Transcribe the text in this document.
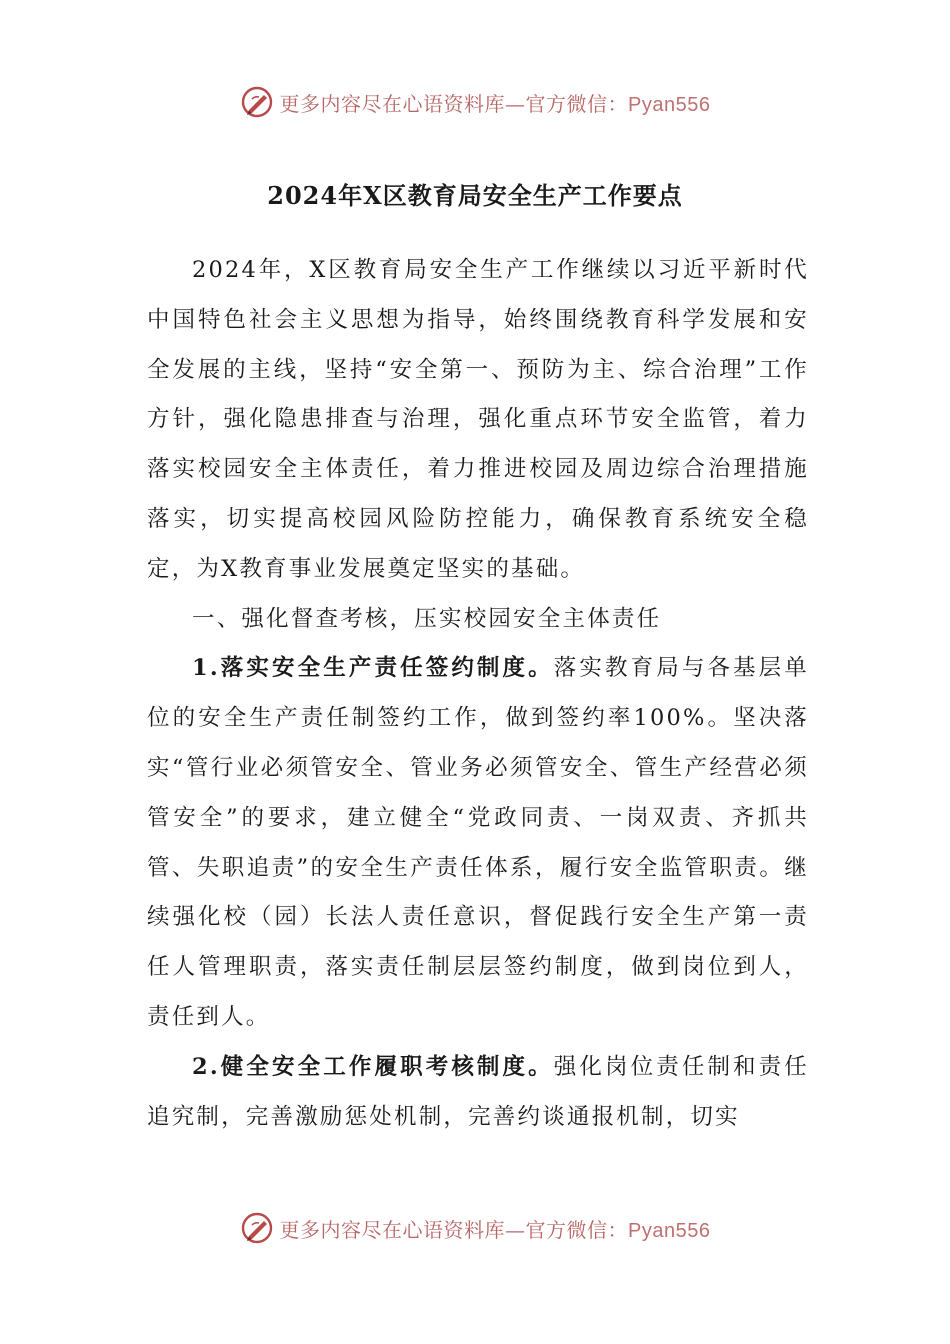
更多内容尽在心语资料库—官方微信：Pyan556
2024年X区教育局安全生产工作要点

2024年，X区教育局安全生产工作继续以习近平新时代中国特色社会主义思想为指导，始终围绕教育科学发展和安全发展的主线，坚持“安全第一、预防为主、综合治理”工作方针，强化隐患排查与治理，强化重点环节安全监管，着力落实校园安全主体责任，着力推进校园及周边综合治理措施落实，切实提高校园风险防控能力，确保教育系统安全稳定，为X教育事业发展奠定坚实的基础。

一、强化督查考核，压实校园安全主体责任

1.落实安全生产责任签约制度。落实教育局与各基层单位的安全生产责任制签约工作，做到签约率100%。坚决落实“管行业必须管安全、管业务必须管安全、管生产经营必须管安全”的要求，建立健全“党政同责、一岗双责、齐抓共管、失职追责”的安全生产责任体系，履行安全监管职责。继续强化校（园）长法人责任意识，督促践行安全生产第一责任人管理职责，落实责任制层层签约制度，做到岗位到人，责任到人。

2.健全安全工作履职考核制度。强化岗位责任制和责任追究制，完善激励惩处机制，完善约谈通报机制，切实

更多内容尽在心语资料库—官方微信：Pyan556
